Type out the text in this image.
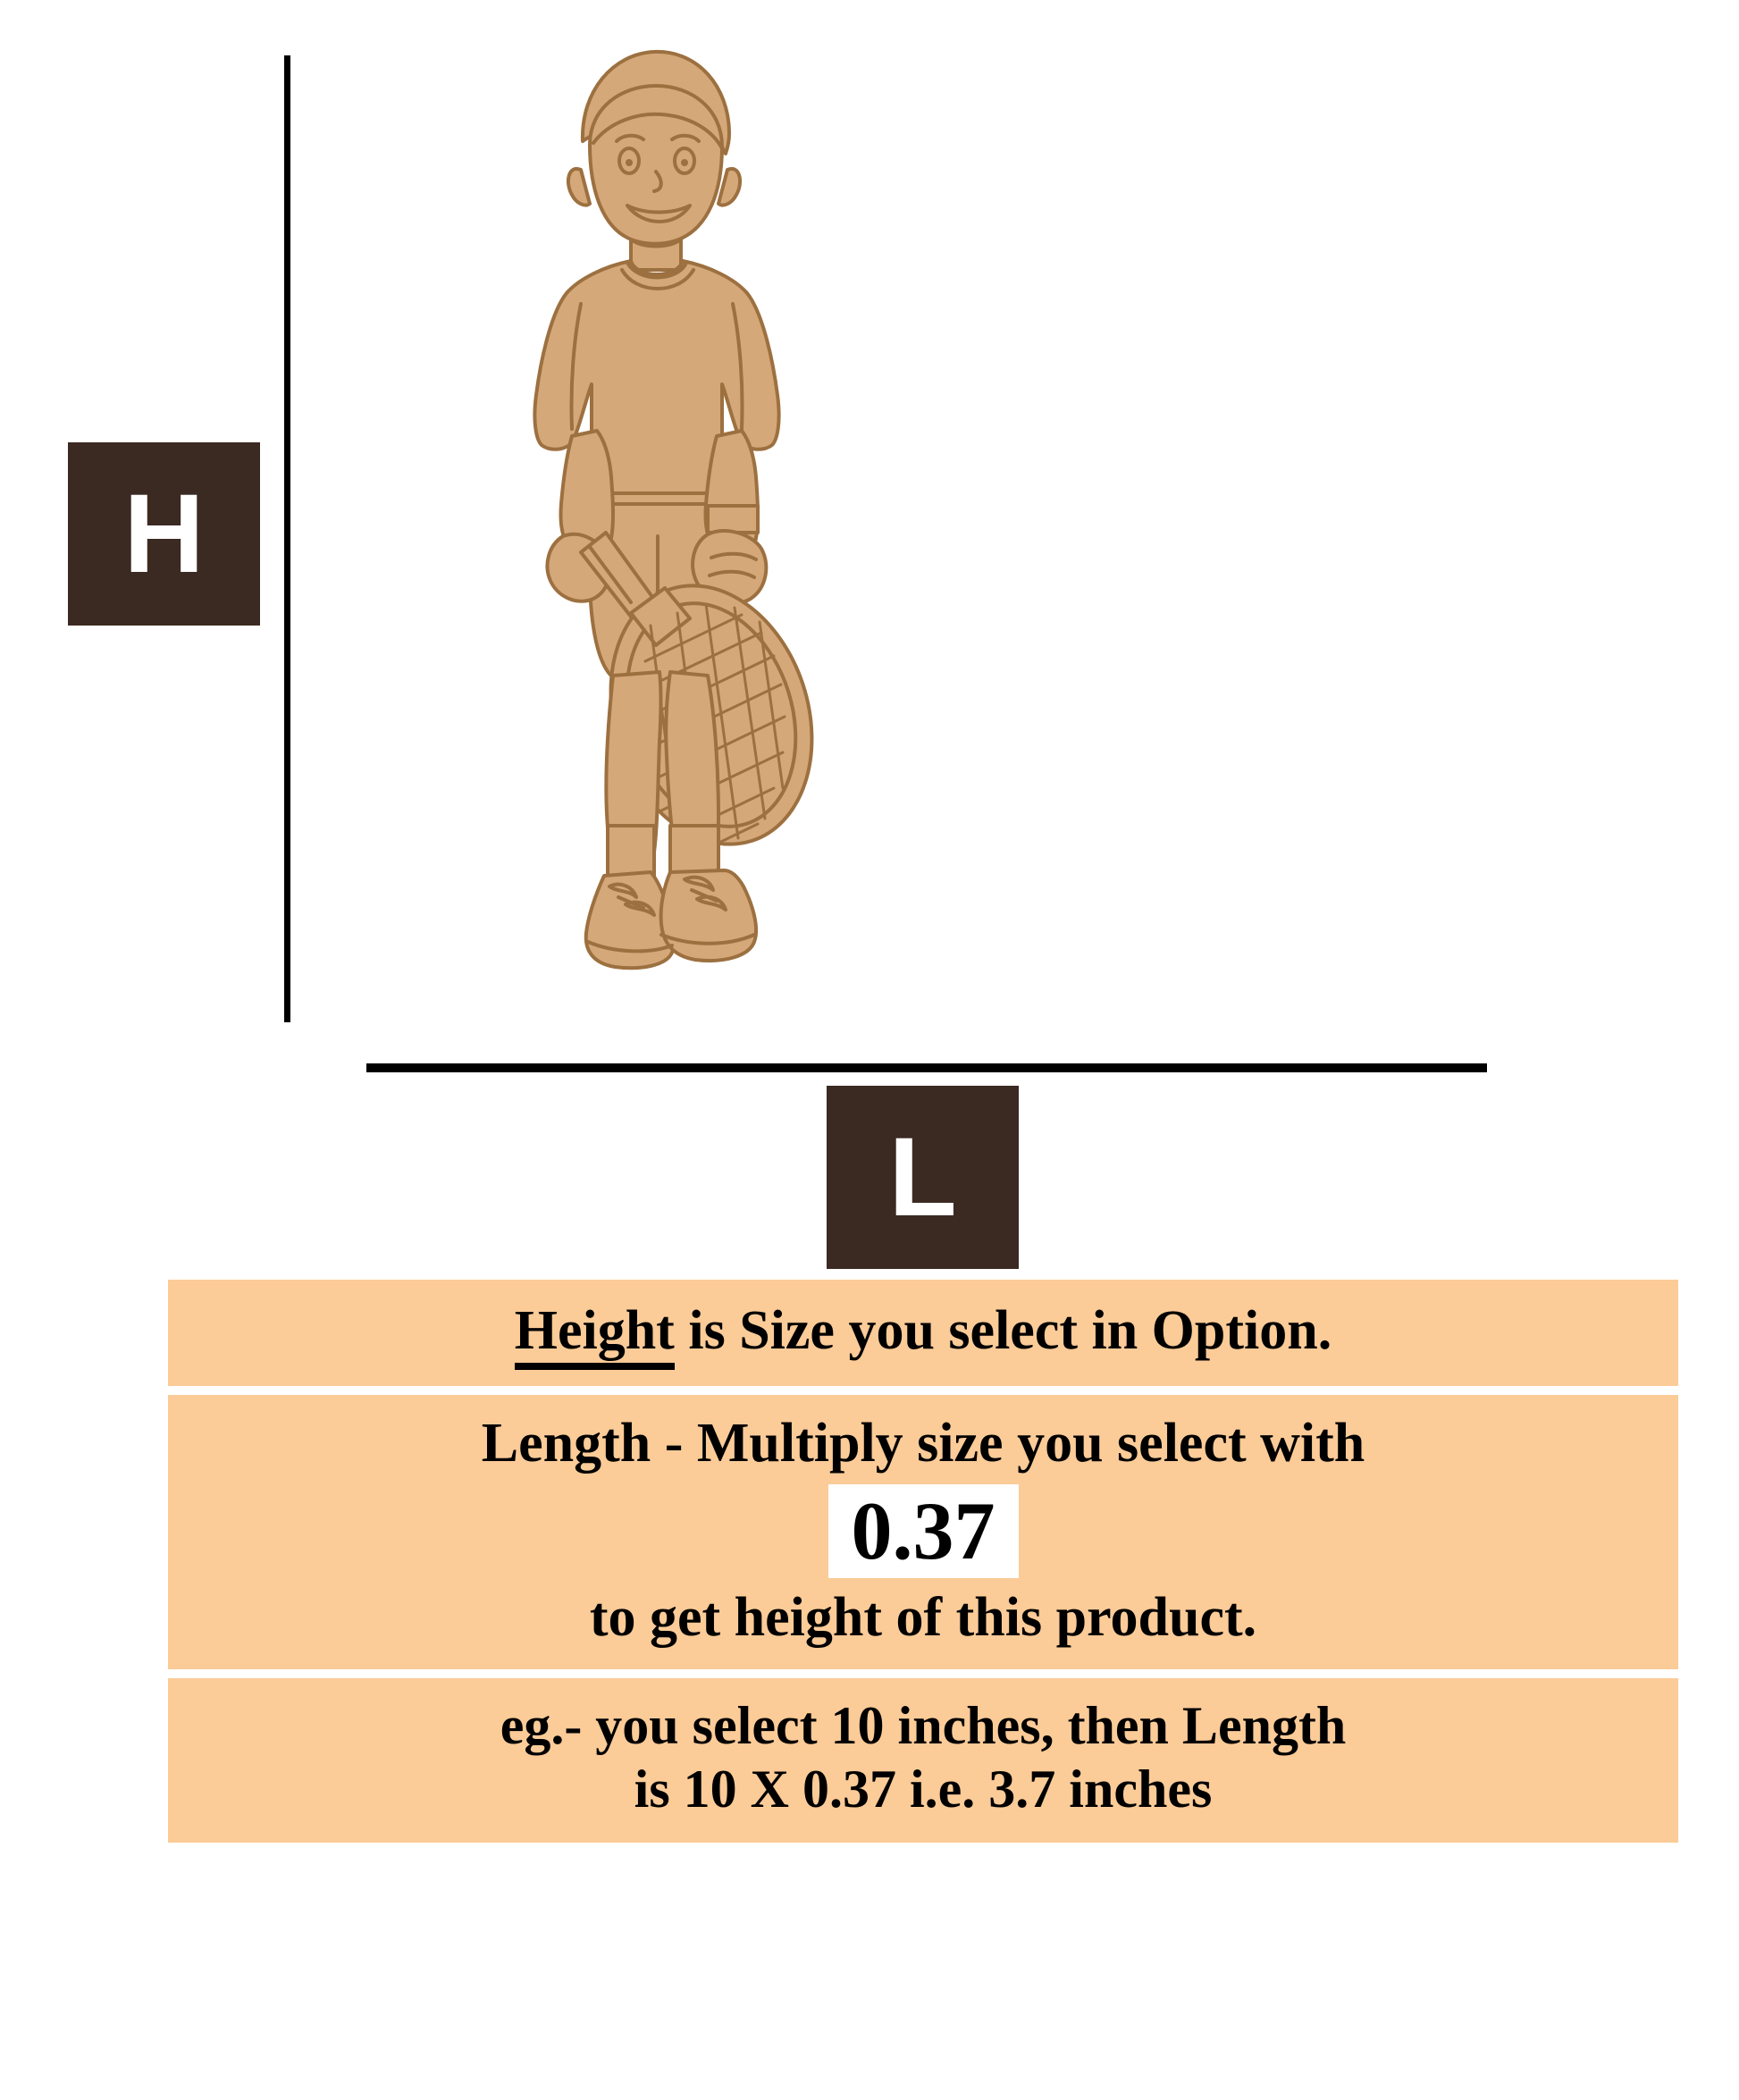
H
L
Height is Size you select in Option.
Length - Multiply size you select with
0.37
to get height of this product.
eg.- you select 10 inches, then Length
is 10 X 0.37 i.e. 3.7 inches
